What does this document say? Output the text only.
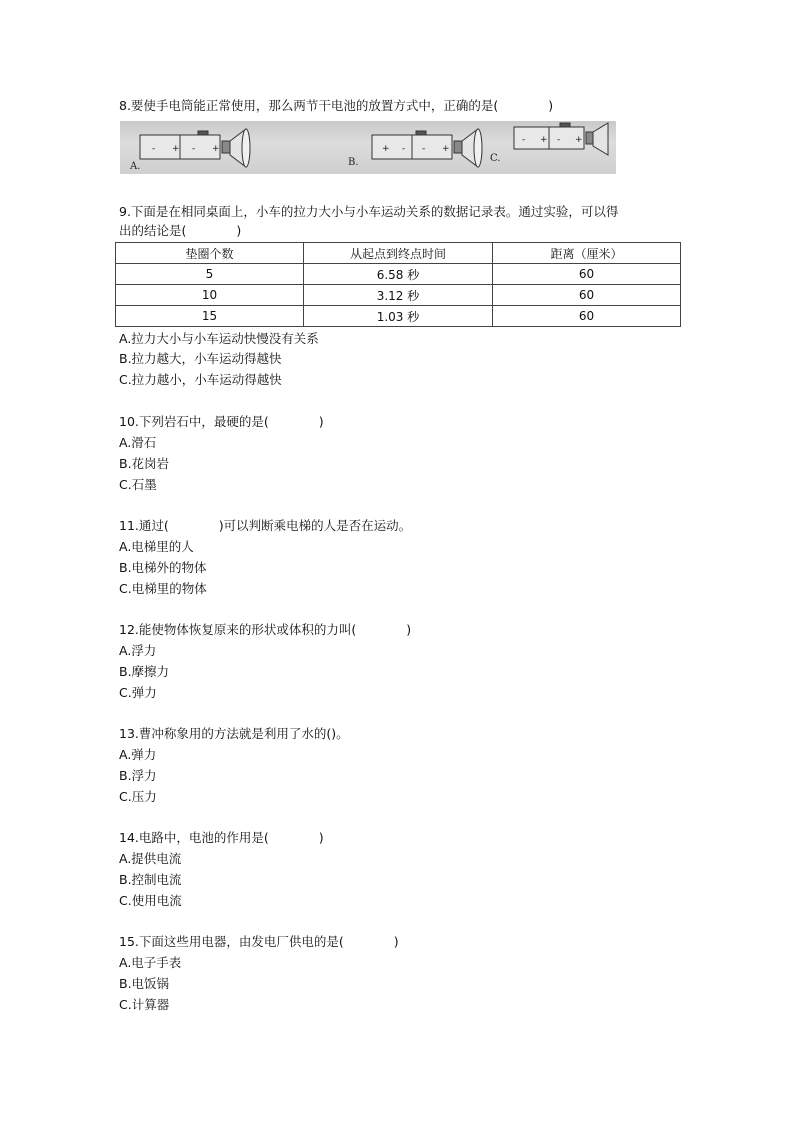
8.要使手电筒能正常使用，那么两节干电池的放置方式中，正确的是(　　　　)
- + - +	+ - - +
- + - +
A.	B.	C.
9.下面是在相同桌面上，小车的拉力大小与小车运动关系的数据记录表。通过实验，可以得
出的结论是(　　　　)
垫圈个数	从起点到终点时间	距离（厘米）
5	6.58 秒	60
10	3.12 秒	60
15	1.03 秒	60
A.拉力大小与小车运动快慢没有关系
B.拉力越大，小车运动得越快
C.拉力越小，小车运动得越快
10.下列岩石中，最硬的是(　　　　)
A.滑石
B.花岗岩
C.石墨
11.通过(　　　　)可以判断乘电梯的人是否在运动。
A.电梯里的人
B.电梯外的物体
C.电梯里的物体
12.能使物体恢复原来的形状或体积的力叫(　　　　)
A.浮力
B.摩擦力
C.弹力
13.曹冲称象用的方法就是利用了水的()。
A.弹力
B.浮力
C.压力
14.电路中，电池的作用是(　　　　)
A.提供电流
B.控制电流
C.使用电流
15.下面这些用电器，由发电厂供电的是(　　　　)
A.电子手表
B.电饭锅
C.计算器
